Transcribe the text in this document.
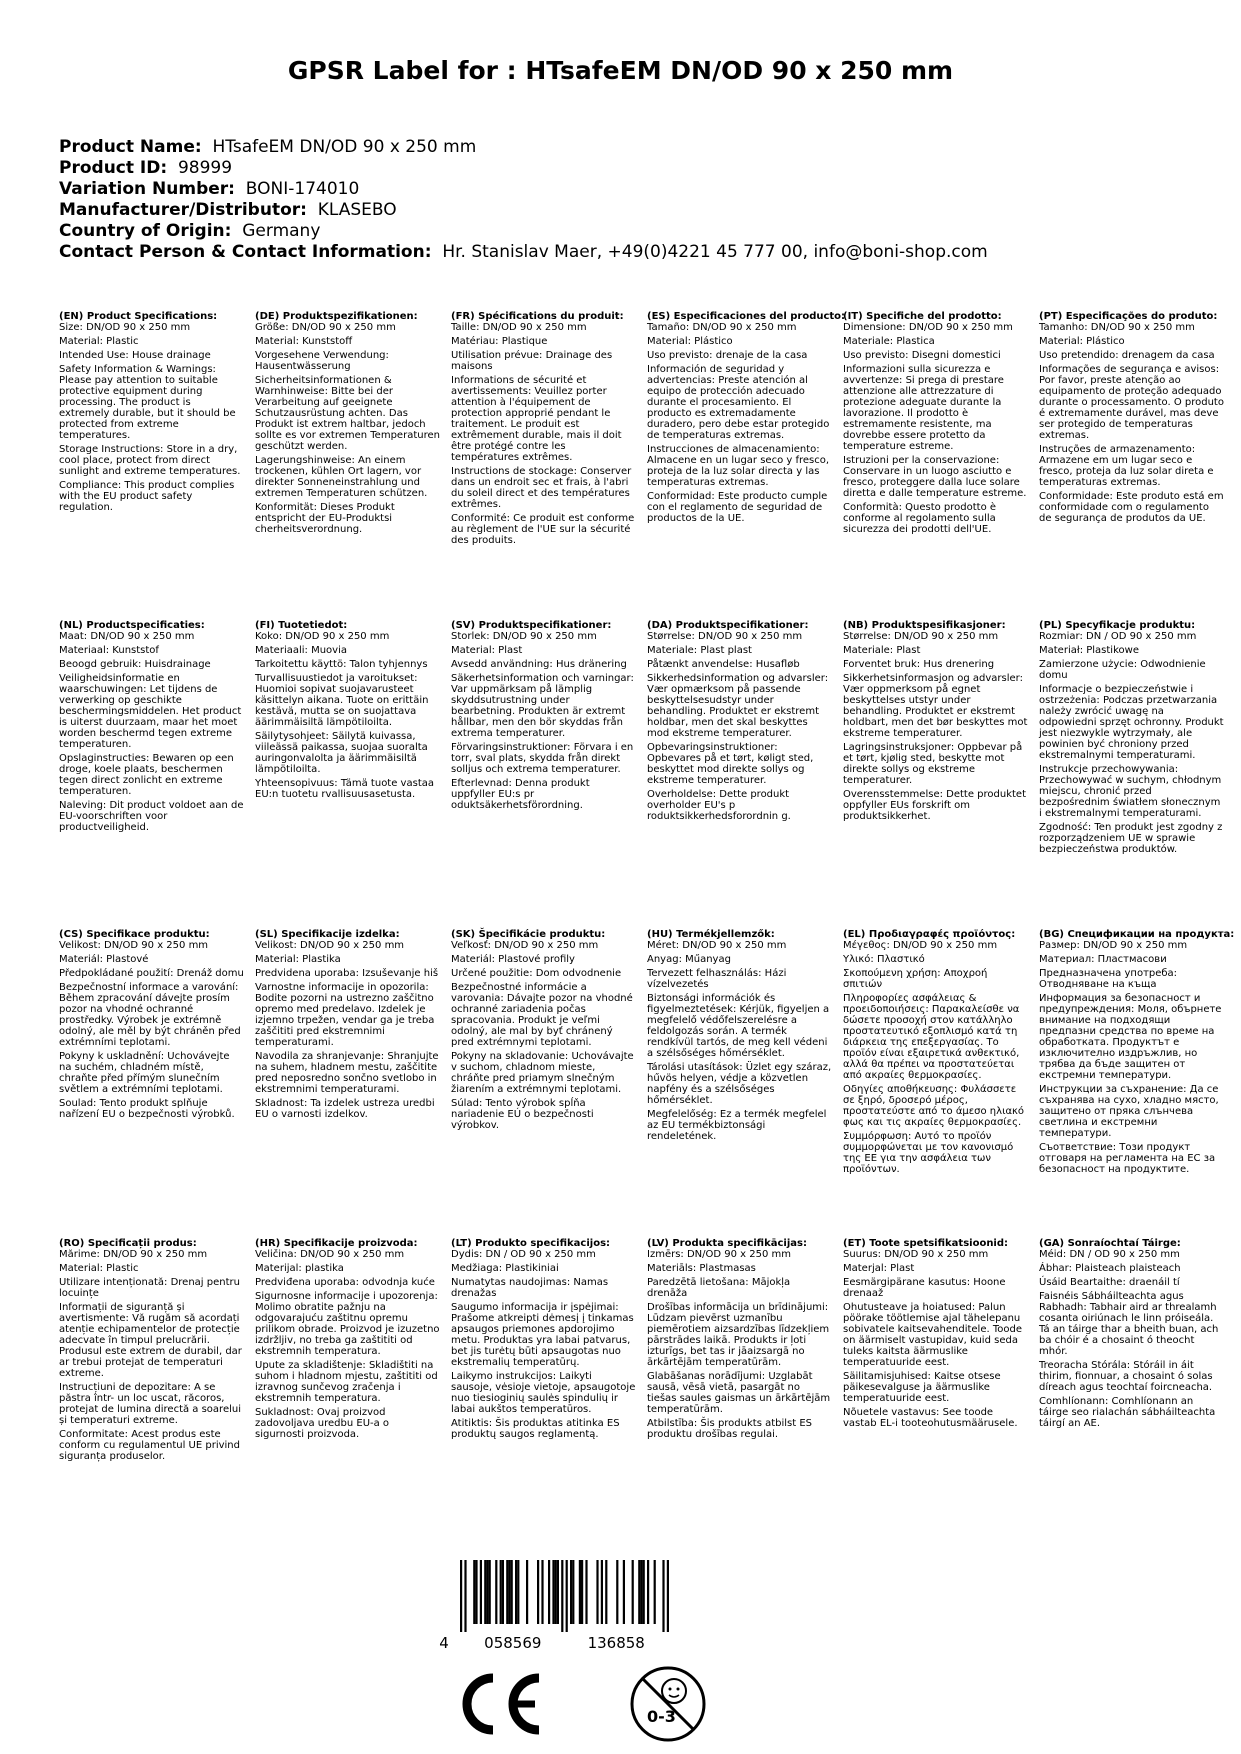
GPSR Label for : HTsafeEM DN/OD 90 x 250 mm
Product Name: HTsafeEM DN/OD 90 x 250 mm
Product ID: 98999
Variation Number: BONI-174010
Manufacturer/Distributor: KLASEBO
Country of Origin: Germany
Contact Person & Contact Information: Hr. Stanislav Maer, +49(0)4221 45 777 00, info@boni-shop.com
(EN) Product Specifications:
Size: DN/OD 90 x 250 mm
Material: Plastic
Intended Use: House drainage
Safety Information & Warnings: Please pay attention to suitable protective equipment during processing. The product is extremely durable, but it should be protected from extreme temperatures.
Storage Instructions: Store in a dry, cool place, protect from direct sunlight and extreme temperatures.
Compliance: This product complies with the EU product safety regulation.
(DE) Produktspezifikationen:
Größe: DN/OD 90 x 250 mm
Material: Kunststoff
Vorgesehene Verwendung: Hausentwässerung
Sicherheitsinformationen & Warnhinweise: Bitte bei der Verarbeitung auf geeignete Schutzausrüstung achten. Das Produkt ist extrem haltbar, jedoch sollte es vor extremen Temperaturen geschützt werden.
Lagerungshinweise: An einem trockenen, kühlen Ort lagern, vor direkter Sonneneinstrahlung und extremen Temperaturen schützen.
Konformität: Dieses Produkt entspricht der EU-Produktsi cherheitsverordnung.
(FR) Spécifications du produit:
Taille: DN/OD 90 x 250 mm
Matériau: Plastique
Utilisation prévue: Drainage des maisons
Informations de sécurité et avertissements: Veuillez porter attention à l'équipement de protection approprié pendant le traitement. Le produit est extrêmement durable, mais il doit être protégé contre les températures extrêmes.
Instructions de stockage: Conserver dans un endroit sec et frais, à l'abri du soleil direct et des températures extrêmes.
Conformité: Ce produit est conforme au règlement de l'UE sur la sécurité des produits.
(ES) Especificaciones del producto:
Tamaño: DN/OD 90 x 250 mm
Material: Plástico
Uso previsto: drenaje de la casa
Información de seguridad y advertencias: Preste atención al equipo de protección adecuado durante el procesamiento. El producto es extremadamente duradero, pero debe estar protegido de temperaturas extremas.
Instrucciones de almacenamiento: Almacene en un lugar seco y fresco, proteja de la luz solar directa y las temperaturas extremas.
Conformidad: Este producto cumple con el reglamento de seguridad de productos de la UE.
(IT) Specifiche del prodotto:
Dimensione: DN/OD 90 x 250 mm
Materiale: Plastica
Uso previsto: Disegni domestici
Informazioni sulla sicurezza e avvertenze: Si prega di prestare attenzione alle attrezzature di protezione adeguate durante la lavorazione. Il prodotto è estremamente resistente, ma dovrebbe essere protetto da temperature estreme.
Istruzioni per la conservazione: Conservare in un luogo asciutto e fresco, proteggere dalla luce solare diretta e dalle temperature estreme.
Conformità: Questo prodotto è conforme al regolamento sulla sicurezza dei prodotti dell'UE.
(PT) Especificações do produto:
Tamanho: DN/OD 90 x 250 mm
Material: Plástico
Uso pretendido: drenagem da casa
Informações de segurança e avisos: Por favor, preste atenção ao equipamento de proteção adequado durante o processamento. O produto é extremamente durável, mas deve ser protegido de temperaturas extremas.
Instruções de armazenamento: Armazene em um lugar seco e fresco, proteja da luz solar direta e temperaturas extremas.
Conformidade: Este produto está em conformidade com o regulamento de segurança de produtos da UE.
(NL) Productspecificaties:
Maat: DN/OD 90 x 250 mm
Materiaal: Kunststof
Beoogd gebruik: Huisdrainage
Veiligheidsinformatie en waarschuwingen: Let tijdens de verwerking op geschikte beschermingsmiddelen. Het product is uiterst duurzaam, maar het moet worden beschermd tegen extreme temperaturen.
Opslaginstructies: Bewaren op een droge, koele plaats, beschermen tegen direct zonlicht en extreme temperaturen.
Naleving: Dit product voldoet aan de EU-voorschriften voor productveiligheid.
(FI) Tuotetiedot:
Koko: DN/OD 90 x 250 mm
Materiaali: Muovia
Tarkoitettu käyttö: Talon tyhjennys
Turvallisuustiedot ja varoitukset: Huomioi sopivat suojavarusteet käsittelyn aikana. Tuote on erittäin kestävä, mutta se on suojattava äärimmäisiltä lämpötiloilta.
Säilytysohjeet: Säilytä kuivassa, viileässä paikassa, suojaa suoralta auringonvalolta ja äärimmäisiltä lämpötiloilta.
Yhteensopivuus: Tämä tuote vastaa EU:n tuotetu rvallisuusasetusta.
(SV) Produktspecifikationer:
Storlek: DN/OD 90 x 250 mm
Material: Plast
Avsedd användning: Hus dränering
Säkerhetsinformation och varningar: Var uppmärksam på lämplig skyddsutrustning under bearbetning. Produkten är extremt hållbar, men den bör skyddas från extrema temperaturer.
Förvaringsinstruktioner: Förvara i en torr, sval plats, skydda från direkt solljus och extrema temperaturer.
Efterlevnad: Denna produkt uppfyller EU:s pr oduktsäkerhetsförordning.
(DA) Produktspecifikationer:
Størrelse: DN/OD 90 x 250 mm
Materiale: Plast plast
Påtænkt anvendelse: Husafløb
Sikkerhedsinformation og advarsler: Vær opmærksom på passende beskyttelsesudstyr under behandling. Produktet er ekstremt holdbar, men det skal beskyttes mod ekstreme temperaturer.
Opbevaringsinstruktioner: Opbevares på et tørt, køligt sted, beskyttet mod direkte sollys og ekstreme temperaturer.
Overholdelse: Dette produkt overholder EU's p roduktsikkerhedsforordnin g.
(NB) Produktspesifikasjoner:
Størrelse: DN/OD 90 x 250 mm
Materiale: Plast
Forventet bruk: Hus drenering
Sikkerhetsinformasjon og advarsler: Vær oppmerksom på egnet beskyttelses utstyr under behandling. Produktet er ekstremt holdbart, men det bør beskyttes mot ekstreme temperaturer.
Lagringsinstruksjoner: Oppbevar på et tørt, kjølig sted, beskytte mot direkte sollys og ekstreme temperaturer.
Overensstemmelse: Dette produktet oppfyller EUs forskrift om produktsikkerhet.
(PL) Specyfikacje produktu:
Rozmiar: DN / OD 90 x 250 mm
Materiał: Plastikowe
Zamierzone użycie: Odwodnienie domu
Informacje o bezpieczeństwie i ostrzeżenia: Podczas przetwarzania należy zwrócić uwagę na odpowiedni sprzęt ochronny. Produkt jest niezwykle wytrzymały, ale powinien być chroniony przed ekstremalnymi temperaturami.
Instrukcje przechowywania: Przechowywać w suchym, chłodnym miejscu, chronić przed bezpośrednim światłem słonecznym i ekstremalnymi temperaturami.
Zgodność: Ten produkt jest zgodny z rozporządzeniem UE w sprawie bezpieczeństwa produktów.
(CS) Specifikace produktu:
Velikost: DN/OD 90 x 250 mm
Materiál: Plastové
Předpokládané použití: Drenáž domu
Bezpečnostní informace a varování: Během zpracování dávejte prosím pozor na vhodné ochranné prostředky. Výrobek je extrémně odolný, ale měl by být chráněn před extrémními teplotami.
Pokyny k uskladnění: Uchovávejte na suchém, chladném místě, chraňte před přímým slunečním světlem a extrémními teplotami.
Soulad: Tento produkt splňuje nařízení EU o bezpečnosti výrobků.
(SL) Specifikacije izdelka:
Velikost: DN/OD 90 x 250 mm
Material: Plastika
Predvidena uporaba: Izsuševanje hiš
Varnostne informacije in opozorila: Bodite pozorni na ustrezno zaščitno opremo med predelavo. Izdelek je izjemno trpežen, vendar ga je treba zaščititi pred ekstremnimi temperaturami.
Navodila za shranjevanje: Shranjujte na suhem, hladnem mestu, zaščitite pred neposredno sončno svetlobo in ekstremnimi temperaturami.
Skladnost: Ta izdelek ustreza uredbi EU o varnosti izdelkov.
(SK) Špecifikácie produktu:
Veľkosť: DN/OD 90 x 250 mm
Materiál: Plastové profily
Určené použitie: Dom odvodnenie
Bezpečnostné informácie a varovania: Dávajte pozor na vhodné ochranné zariadenia počas spracovania. Produkt je veľmi odolný, ale mal by byť chránený pred extrémnymi teplotami.
Pokyny na skladovanie: Uchovávajte v suchom, chladnom mieste, chráňte pred priamym slnečným žiarením a extrémnymi teplotami.
Súlad: Tento výrobok spĺňa nariadenie EÚ o bezpečnosti výrobkov.
(HU) Termékjellemzők:
Méret: DN/OD 90 x 250 mm
Anyag: Műanyag
Tervezett felhasználás: Házi vízelvezetés
Biztonsági információk és figyelmeztetések: Kérjük, figyeljen a megfelelő védőfelszerelésre a feldolgozás során. A termék rendkívül tartós, de meg kell védeni a szélsőséges hőmérséklet.
Tárolási utasítások: Üzlet egy száraz, hűvös helyen, védje a közvetlen napfény és a szélsőséges hőmérséklet.
Megfelelőség: Ez a termék megfelel az EU termékbiztonsági rendeletének.
(EL) Προδιαγραφές προϊόντος:
Μέγεθος: DN/OD 90 x 250 mm
Υλικό: Πλαστικό
Σκοπούμενη χρήση: Αποχροή σπιτιών
Πληροφορίες ασφάλειας & προειδοποιήσεις: Παρακαλείσθε να δώσετε προσοχή στον κατάλληλο προστατευτικό εξοπλισμό κατά τη διάρκεια της επεξεργασίας. Το προϊόν είναι εξαιρετικά ανθεκτικό, αλλά θα πρέπει να προστατεύεται από ακραίες θερμοκρασίες.
Οδηγίες αποθήκευσης: Φυλάσσετε σε ξηρό, δροσερό μέρος, προστατεύστε από το άμεσο ηλιακό φως και τις ακραίες θερμοκρασίες.
Συμμόρφωση: Αυτό το προϊόν συμμορφώνεται με τον κανονισμό της ΕΕ για την ασφάλεια των προϊόντων.
(BG) Спецификации на продукта:
Размер: DN/OD 90 x 250 mm
Материал: Пластмасови
Предназначена употреба: Отводняване на къща
Информация за безопасност и предупреждения: Моля, обърнете внимание на подходящи предпазни средства по време на обработката. Продуктът е изключително издръжлив, но трябва да бъде защитен от екстремни температури.
Инструкции за съхранение: Да се съхранява на сухо, хладно място, защитено от пряка слънчева светлина и екстремни температури.
Съответствие: Този продукт отговаря на регламента на ЕС за безопасност на продуктите.
(RO) Specificații produs:
Mărime: DN/OD 90 x 250 mm
Material: Plastic
Utilizare intenționată: Drenaj pentru locuințe
Informații de siguranță și avertismente: Vă rugăm să acordați atenție echipamentelor de protecție adecvate în timpul prelucrării. Produsul este extrem de durabil, dar ar trebui protejat de temperaturi extreme.
Instrucțiuni de depozitare: A se păstra într- un loc uscat, răcoros, protejat de lumina directă a soarelui și temperaturi extreme.
Conformitate: Acest produs este conform cu regulamentul UE privind siguranța produselor.
(HR) Specifikacije proizvoda:
Veličina: DN/OD 90 x 250 mm
Materijal: plastika
Predviđena uporaba: odvodnja kuće
Sigurnosne informacije i upozorenja: Molimo obratite pažnju na odgovarajuću zaštitnu opremu prilikom obrade. Proizvod je izuzetno izdržljiv, no treba ga zaštititi od ekstremnih temperatura.
Upute za skladištenje: Skladištiti na suhom i hladnom mjestu, zaštititi od izravnog sunčevog zračenja i ekstremnih temperatura.
Sukladnost: Ovaj proizvod zadovoljava uredbu EU-a o sigurnosti proizvoda.
(LT) Produkto specifikacijos:
Dydis: DN / OD 90 x 250 mm
Medžiaga: Plastikiniai
Numatytas naudojimas: Namas drenažas
Saugumo informacija ir įspėjimai: Prašome atkreipti dėmesį į tinkamas apsaugos priemones apdorojimo metu. Produktas yra labai patvarus, bet jis turėtų būti apsaugotas nuo ekstremalių temperatūrų.
Laikymo instrukcijos: Laikyti sausoje, vėsioje vietoje, apsaugotoje nuo tiesioginių saulės spindulių ir labai aukštos temperatūros.
Atitiktis: Šis produktas atitinka ES produktų saugos reglamentą.
(LV) Produkta specifikācijas:
Izmērs: DN/OD 90 x 250 mm
Materiāls: Plastmasas
Paredzētā lietošana: Mājokļa drenāža
Drošības informācija un brīdinājumi: Lūdzam pievērst uzmanību piemērotiem aizsardzības līdzekļiem pārstrādes laikā. Produkts ir ļoti izturīgs, bet tas ir jāaizsargā no ārkārtējām temperatūrām.
Glabāšanas norādījumi: Uzglabāt sausā, vēsā vietā, pasargāt no tiešas saules gaismas un ārkārtējām temperatūrām.
Atbilstība: Šis produkts atbilst ES produktu drošības regulai.
(ET) Toote spetsifikatsioonid:
Suurus: DN/OD 90 x 250 mm
Materjal: Plast
Eesmärgipärane kasutus: Hoone drenaaž
Ohutusteave ja hoiatused: Palun pöörake töötlemise ajal tähelepanu sobivatele kaitsevahenditele. Toode on äärmiselt vastupidav, kuid seda tuleks kaitsta äärmuslike temperatuuride eest.
Säilitamisjuhised: Kaitse otsese päikesevalguse ja äärmuslike temperatuuride eest.
Nõuetele vastavus: See toode vastab EL-i tooteohutusmäärusele.
(GA) Sonraíochtaí Táirge:
Méid: DN / OD 90 x 250 mm
Ábhar: Plaisteach plaisteach
Úsáid Beartaithe: draenáil tí
Faisnéis Sábháilteachta agus Rabhadh: Tabhair aird ar threalamh cosanta oiriúnach le linn próiseála. Tá an táirge thar a bheith buan, ach ba chóir é a chosaint ó theocht mhór.
Treoracha Stórála: Stóráil in áit thirim, fionnuar, a chosaint ó solas díreach agus teochtaí foircneacha.
Comhlíonann: Comhlíonann an táirge seo rialachán sábháilteachta táirgí an AE.
4 058569	136858
0-3
